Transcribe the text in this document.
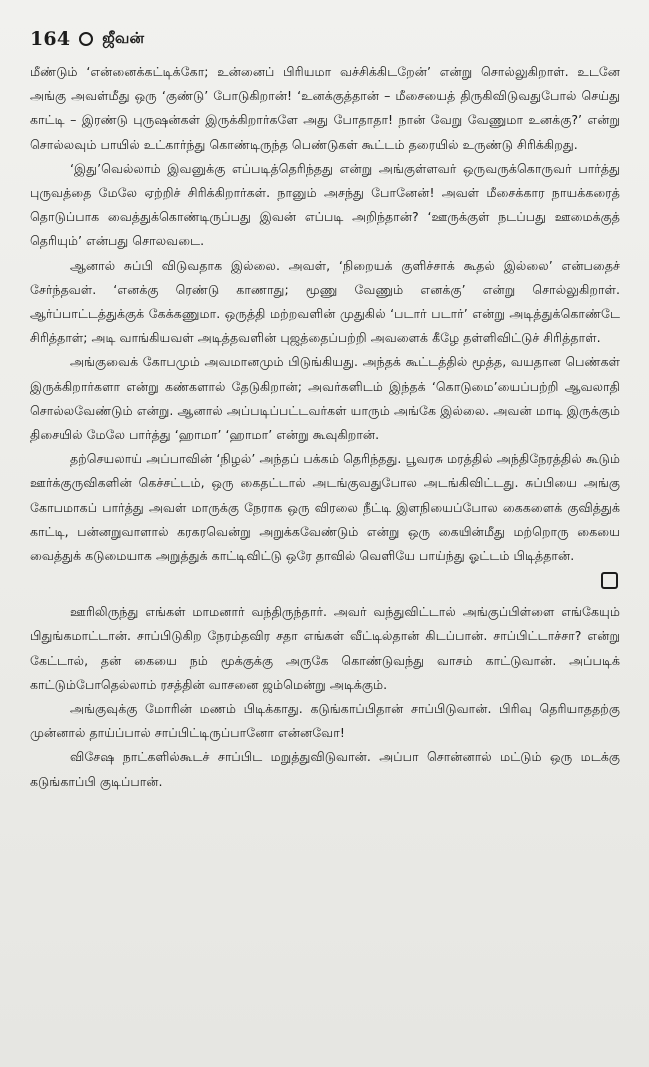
164 ஜீவன்

மீண்டும் ‘என்னைக்கட்டிக்கோ; உன்னைப் பிரியமா வச்சிக்கிடறேன்’ என்று சொல்லுகிறாள். உடனே அங்கு அவள்மீது ஒரு ‘குண்டு’ போடுகிறான்! ‘உனக்குத்தான் – மீசையைத் திருகிவிடுவதுபோல் செய்து காட்டி – இரண்டு புருஷன்கள் இருக்கிறார்களே அது போதாதா! நான் வேறு வேணுமா உனக்கு?’ என்று சொல்லவும் பாயில் உட்கார்ந்து கொண்டிருந்த பெண்டுகள் கூட்டம் தரையில் உருண்டு சிரிக்கிறது.

‘இது’வெல்லாம் இவனுக்கு எப்படித்தெரிந்தது என்று அங்குள்ளவர் ஒருவருக்கொருவர் பார்த்து புருவத்தை மேலே ஏற்றிச் சிரிக்கிறார்கள். நானும் அசந்து போனேன்! அவள் மீசைக்கார நாயக்கரைத் தொடுப்பாக வைத்துக்கொண்டிருப்பது இவன் எப்படி அறிந்தான்? ‘ஊருக்குள் நடப்பது ஊமைக்குத் தெரியும்’ என்பது சொலவடை.

ஆனால் சுப்பி விடுவதாக இல்லை. அவள், ‘நிறையக் குளிச்சாக் கூதல் இல்லை’ என்பதைச் சேர்ந்தவள். ‘எனக்கு ரெண்டு காணாது; மூணு வேணும் எனக்கு’ என்று சொல்லுகிறாள். ஆர்ப்பாட்டத்துக்குக் கேக்கணுமா. ஒருத்தி மற்றவளின் முதுகில் ‘படார் படார்’ என்று அடித்துக்கொண்டே சிரித்தாள்; அடி வாங்கியவள் அடித்தவளின் புஜத்தைப்பற்றி அவளைக் கீழே தள்ளிவிட்டுச் சிரித்தாள்.

அங்குவைக் கோபமும் அவமானமும் பிடுங்கியது. அந்தக் கூட்டத்தில் மூத்த, வயதான பெண்கள் இருக்கிறார்களா என்று கண்களால் தேடுகிறான்; அவர்களிடம் இந்தக் ‘கொடுமை’யைப்பற்றி ஆவலாதி சொல்லவேண்டும் என்று. ஆனால் அப்படிப்பட்டவர்கள் யாரும் அங்கே இல்லை. அவன் மாடி இருக்கும் திசையில் மேலே பார்த்து ‘ஹாமா’ ‘ஹாமா’ என்று கூவுகிறான்.

தற்செயலாய் அப்பாவின் ‘நிழல்’ அந்தப் பக்கம் தெரிந்தது. பூவரசு மரத்தில் அந்திநேரத்தில் கூடும் ஊர்க்குருவிகளின் கெச்சட்டம், ஒரு கைதட்டால் அடங்குவதுபோல அடங்கிவிட்டது. சுப்பியை அங்கு கோபமாகப் பார்த்து அவள் மாருக்கு நேராக ஒரு விரலை நீட்டி இளநியைப்போல கைகளைக் குவித்துக் காட்டி, பன்னறுவாளால் கரகரவென்று அறுக்கவேண்டும் என்று ஒரு கையின்மீது மற்றொரு கையை வைத்துக் கடுமையாக அறுத்துக் காட்டிவிட்டு ஒரே தாவில் வெளியே பாய்ந்து ஓட்டம் பிடித்தான்.

ஊரிலிருந்து எங்கள் மாமனார் வந்திருந்தார். அவர் வந்துவிட்டால் அங்குப்பிள்ளை எங்கேயும் பிதுங்கமாட்டான். சாப்பிடுகிற நேரம்தவிர சதா எங்கள் வீட்டில்தான் கிடப்பான். சாப்பிட்டாச்சா? என்று கேட்டால், தன் கையை நம் மூக்குக்கு அருகே கொண்டுவந்து வாசம் காட்டுவான். அப்படிக் காட்டும்போதெல்லாம் ரசத்தின் வாசனை ஜம்மென்று அடிக்கும்.

அங்குவுக்கு மோரின் மணம் பிடிக்காது. கடுங்காப்பிதான் சாப்பிடுவான். பிரிவு தெரியாததற்கு முன்னால் தாய்ப்பால் சாப்பிட்டிருப்பானோ என்னவோ!

விசேஷ நாட்களில்கூடச் சாப்பிட மறுத்துவிடுவான். அப்பா சொன்னால் மட்டும் ஒரு மடக்கு கடுங்காப்பி குடிப்பான்.
